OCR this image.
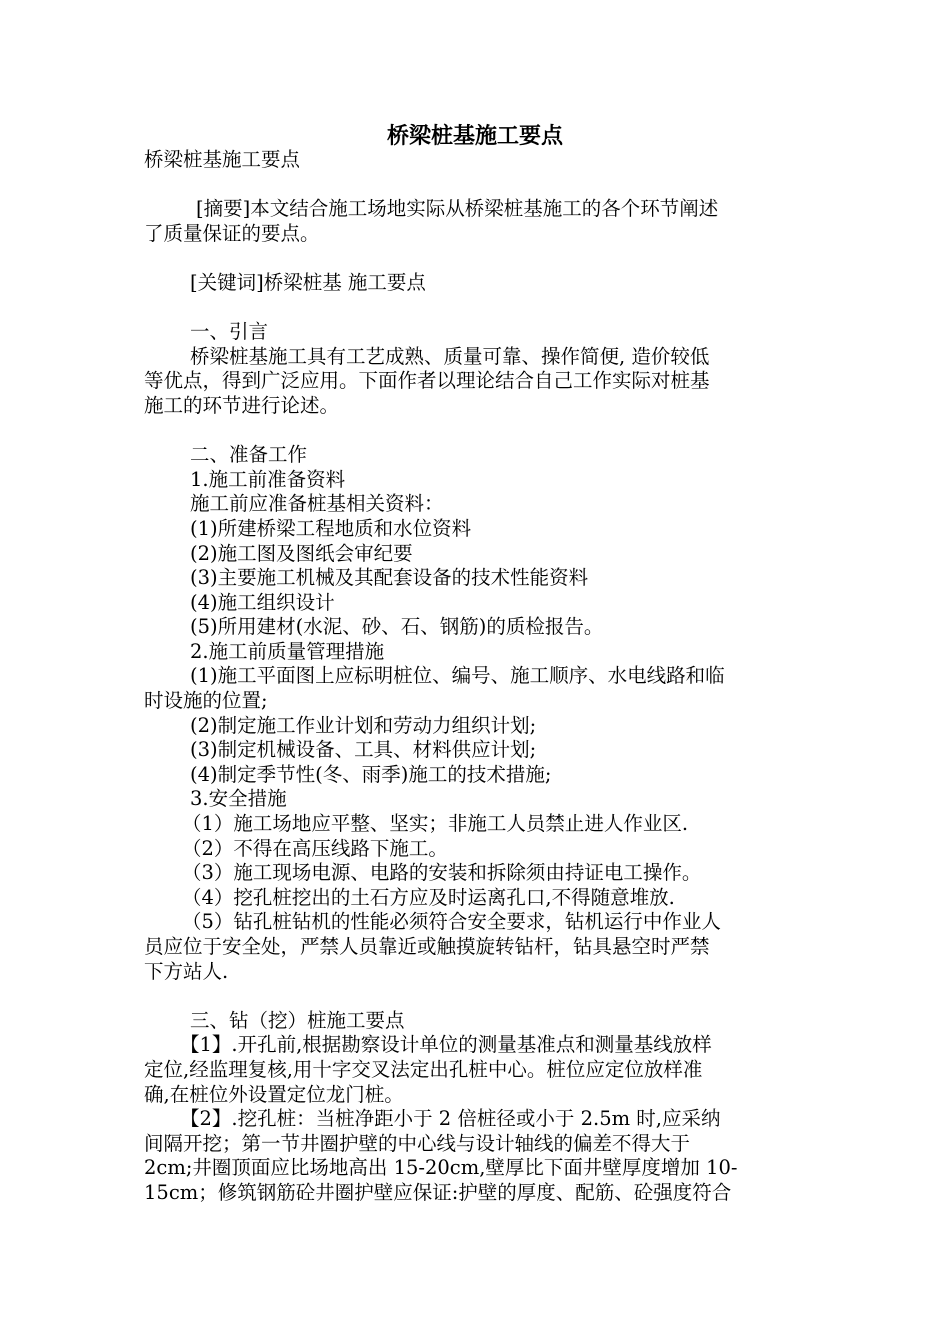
桥梁桩基施工要点
桥梁桩基施工要点
[摘要]本文结合施工场地实际从桥梁桩基施工的各个环节阐述
了质量保证的要点。
[关键词]桥梁桩基 施工要点
一、引言
桥梁桩基施工具有工艺成熟、质量可靠、操作简便, 造价较低
等优点，得到广泛应用。下面作者以理论结合自己工作实际对桩基
施工的环节进行论述。
二、准备工作
1.施工前准备资料
施工前应准备桩基相关资料：
(1)所建桥梁工程地质和水位资料
(2)施工图及图纸会审纪要
(3)主要施工机械及其配套设备的技术性能资料
(4)施工组织设计
(5)所用建材(水泥、砂、石、钢筋)的质检报告。
2.施工前质量管理措施
(1)施工平面图上应标明桩位、编号、施工顺序、水电线路和临
时设施的位置;
(2)制定施工作业计划和劳动力组织计划;
(3)制定机械设备、工具、材料供应计划;
(4)制定季节性(冬、雨季)施工的技术措施;
3.安全措施
（1）施工场地应平整、坚实；非施工人员禁止进人作业区.
（2）不得在高压线路下施工。
（3）施工现场电源、电路的安装和拆除须由持证电工操作。
（4）挖孔桩挖出的土石方应及时运离孔口,不得随意堆放.
（5）钻孔桩钻机的性能必须符合安全要求，钻机运行中作业人
员应位于安全处，严禁人员靠近或触摸旋转钻杆，钻具悬空时严禁
下方站人.
三、钻（挖）桩施工要点
【1】.开孔前,根据勘察设计单位的测量基准点和测量基线放样
定位,经监理复核,用十字交叉法定出孔桩中心。桩位应定位放样准
确,在桩位外设置定位龙门桩。
【2】.挖孔桩：当桩净距小于 2 倍桩径或小于 2.5m 时,应采纳
间隔开挖；第一节井圈护壁的中心线与设计轴线的偏差不得大于
2cm;井圈顶面应比场地高出 15-20cm,壁厚比下面井壁厚度增加 10-
15cm；修筑钢筋砼井圈护壁应保证:护壁的厚度、配筋、砼强度符合
